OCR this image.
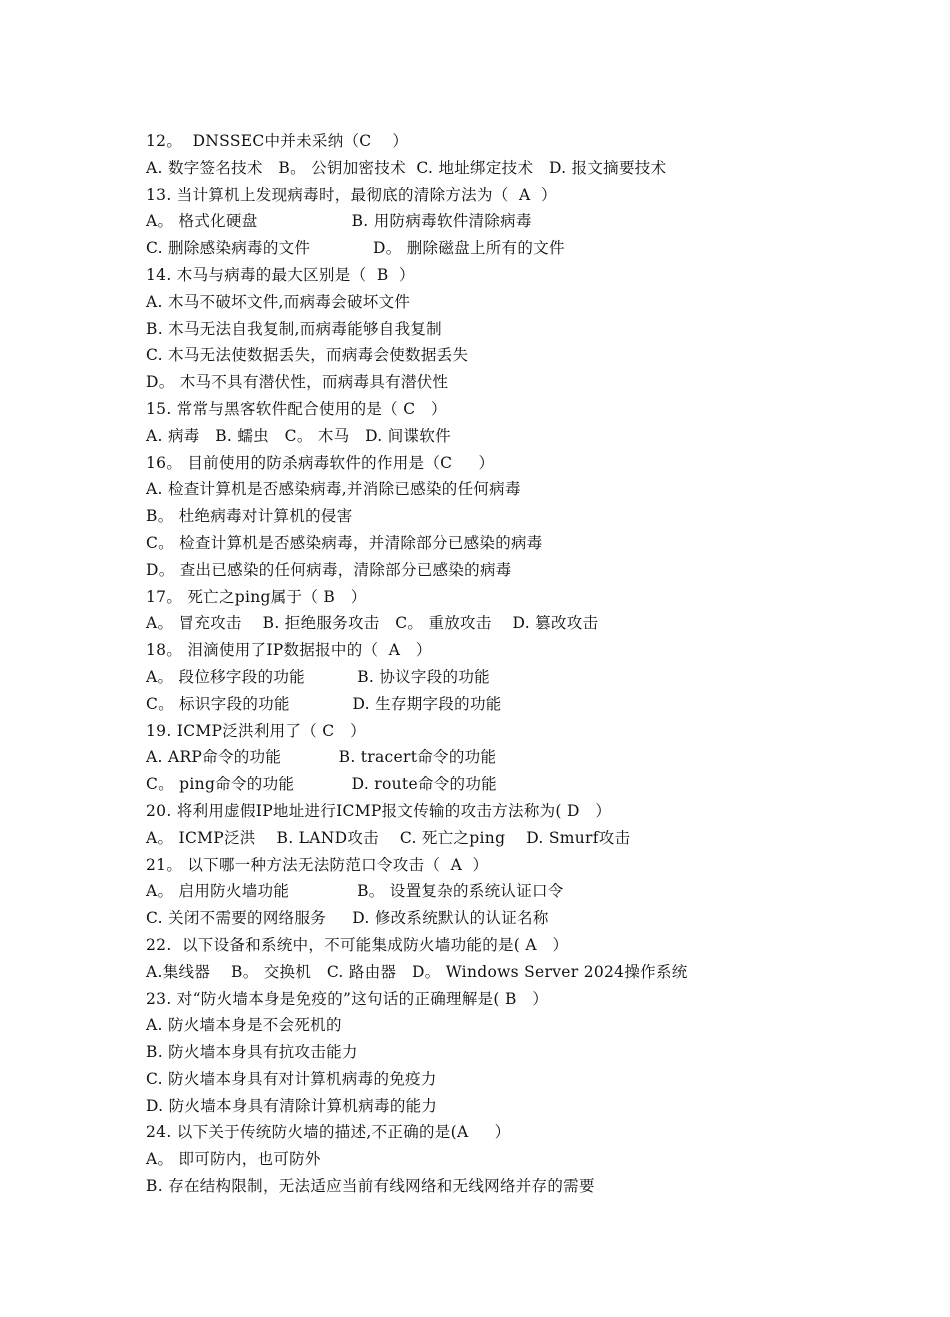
12。  DNSSEC中并未采纳（C    ）
A. 数字签名技术   B。 公钥加密技术  C. 地址绑定技术   D. 报文摘要技术
13. 当计算机上发现病毒时，最彻底的清除方法为（  A  ）
A。 格式化硬盘                  B. 用防病毒软件清除病毒
C. 删除感染病毒的文件            D。 删除磁盘上所有的文件
14. 木马与病毒的最大区别是（  B  ）
A. 木马不破坏文件,而病毒会破坏文件
B. 木马无法自我复制,而病毒能够自我复制
C. 木马无法使数据丢失，而病毒会使数据丢失
D。 木马不具有潜伏性，而病毒具有潜伏性
15. 常常与黑客软件配合使用的是（ C   ）
A. 病毒   B. 蠕虫   C。 木马   D. 间谍软件
16。 目前使用的防杀病毒软件的作用是（C     ）
A. 检查计算机是否感染病毒,并消除已感染的任何病毒
B。 杜绝病毒对计算机的侵害
C。 检查计算机是否感染病毒，并清除部分已感染的病毒
D。 查出已感染的任何病毒，清除部分已感染的病毒
17。 死亡之ping属于（ B   ）
A。 冒充攻击    B. 拒绝服务攻击   C。 重放攻击    D. 篡改攻击
18。 泪滴使用了IP数据报中的（  A   ）
A。 段位移字段的功能          B. 协议字段的功能
C。 标识字段的功能            D. 生存期字段的功能
19. ICMP泛洪利用了（ C   ）
A. ARP命令的功能           B. tracert命令的功能
C。 ping命令的功能           D. route命令的功能
20. 将利用虚假IP地址进行ICMP报文传输的攻击方法称为( D   ）
A。 ICMP泛洪    B. LAND攻击    C. 死亡之ping    D. Smurf攻击
21。 以下哪一种方法无法防范口令攻击（  A  ）
A。 启用防火墙功能             B。 设置复杂的系统认证口令
C. 关闭不需要的网络服务     D. 修改系统默认的认证名称
22.  以下设备和系统中，不可能集成防火墙功能的是( A   ）
A.集线器    B。 交换机   C. 路由器   D。 Windows Server 2024操作系统
23. 对“防火墙本身是免疫的”这句话的正确理解是( B   ）
A. 防火墙本身是不会死机的
B. 防火墙本身具有抗攻击能力
C. 防火墙本身具有对计算机病毒的免疫力
D. 防火墙本身具有清除计算机病毒的能力
24. 以下关于传统防火墙的描述,不正确的是(A     ）
A。 即可防内，也可防外
B. 存在结构限制，无法适应当前有线网络和无线网络并存的需要
